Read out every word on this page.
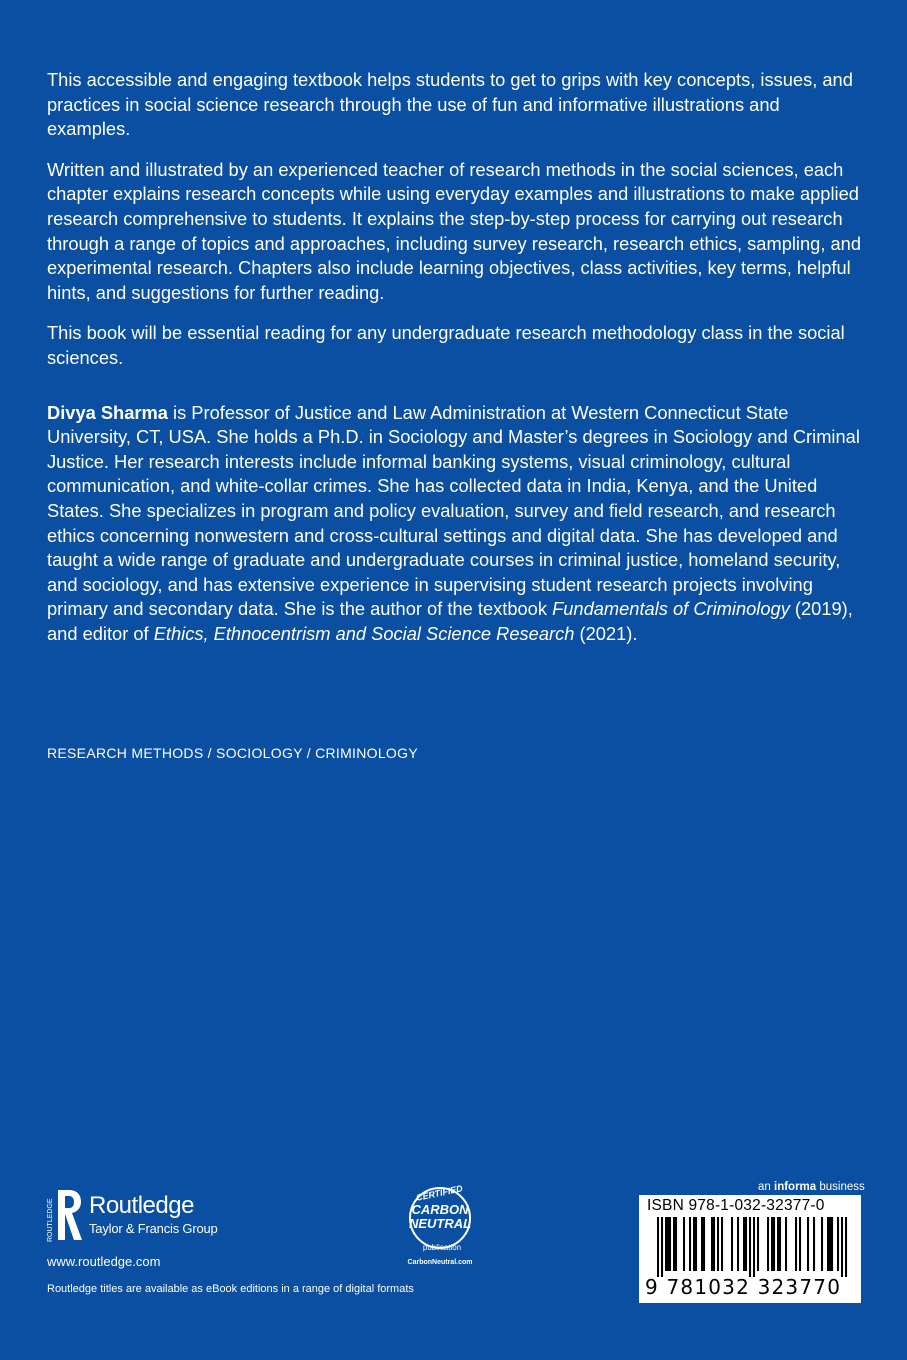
This accessible and engaging textbook helps students to get to grips with key concepts, issues, and practices in social science research through the use of fun and informative illustrations and examples.

Written and illustrated by an experienced teacher of research methods in the social sciences, each chapter explains research concepts while using everyday examples and illustrations to make applied research comprehensive to students. It explains the step-by-step process for carrying out research through a range of topics and approaches, including survey research, research ethics, sampling, and experimental research. Chapters also include learning objectives, class activities, key terms, helpful hints, and suggestions for further reading.

This book will be essential reading for any undergraduate research methodology class in the social sciences.

Divya Sharma is Professor of Justice and Law Administration at Western Connecticut State University, CT, USA. She holds a Ph.D. in Sociology and Master’s degrees in Sociology and Criminal Justice. Her research interests include informal banking systems, visual criminology, cultural communication, and white-collar crimes. She has collected data in India, Kenya, and the United States. She specializes in program and policy evaluation, survey and field research, and research ethics concerning nonwestern and cross-cultural settings and digital data. She has developed and taught a wide range of graduate and undergraduate courses in criminal justice, homeland security, and sociology, and has extensive experience in supervising student research projects involving primary and secondary data. She is the author of the textbook Fundamentals of Criminology (2019), and editor of Ethics, Ethnocentrism and Social Science Research (2021).

RESEARCH METHODS / SOCIOLOGY / CRIMINOLOGY
ROUTLEDGE Routledge
Taylor & Francis Group
www.routledge.com
Routledge titles are available as eBook editions in a range of digital formats
CERTIFIED
CARBON
NEUTRAL
publication
CarbonNeutral.com
an informa business
ISBN 978-1-032-32377-0
9 781032 323770
